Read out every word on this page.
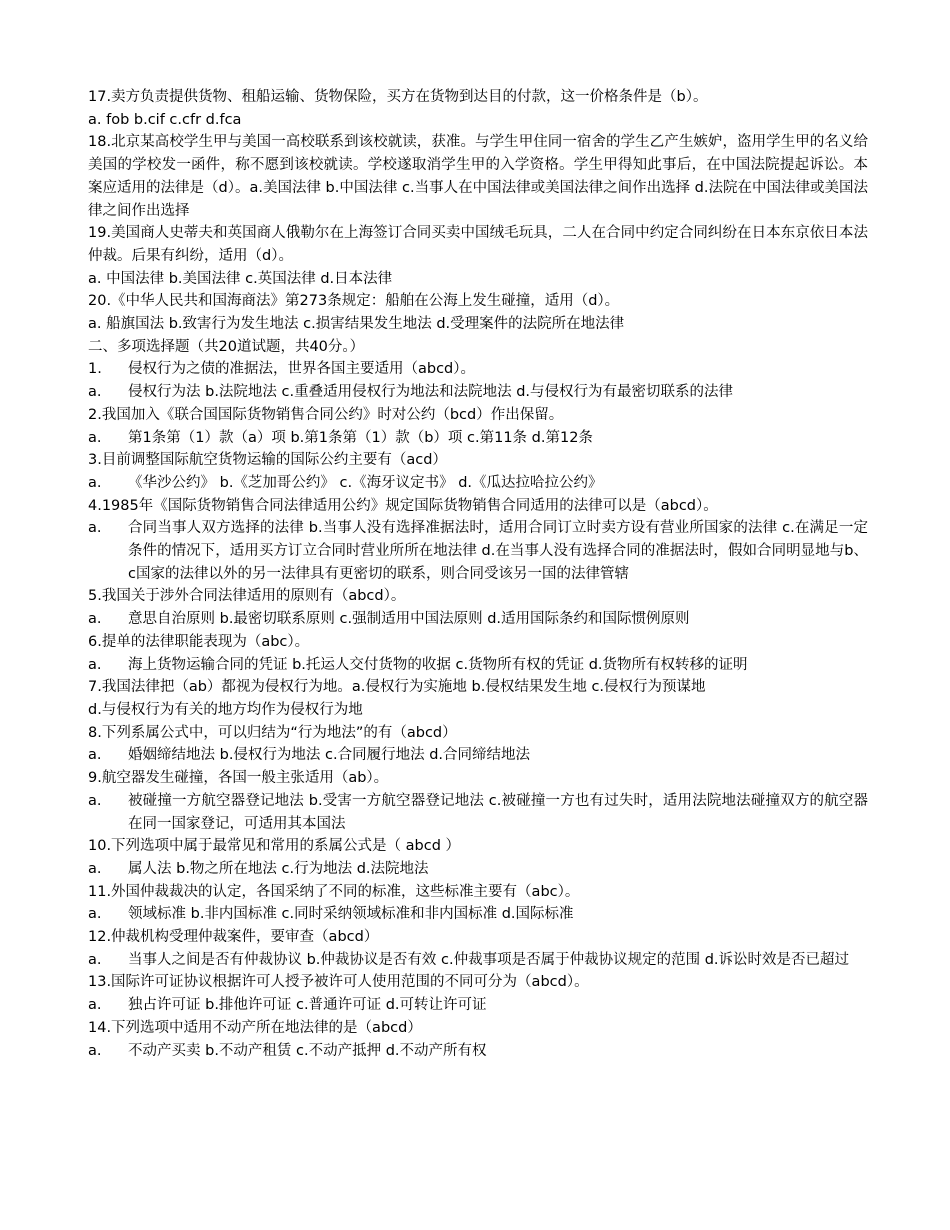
17.卖方负责提供货物、租船运输、货物保险，买方在货物到达目的付款，这一价格条件是（b）。
a. fob b.cif c.cfr d.fca
18.北京某高校学生甲与美国一高校联系到该校就读，获准。与学生甲住同一宿舍的学生乙产生嫉妒，盗用学生甲的名义给美国的学校发一函件，称不愿到该校就读。学校遂取消学生甲的入学资格。学生甲得知此事后，在中国法院提起诉讼。本案应适用的法律是（d）。a.美国法律 b.中国法律 c.当事人在中国法律或美国法律之间作出选择 d.法院在中国法律或美国法律之间作出选择
19.美国商人史蒂夫和英国商人俄勒尔在上海签订合同买卖中国绒毛玩具，二人在合同中约定合同纠纷在日本东京依日本法仲裁。后果有纠纷，适用（d）。
a. 中国法律 b.美国法律 c.英国法律 d.日本法律
20.《中华人民共和国海商法》第273条规定：船舶在公海上发生碰撞，适用（d）。
a. 船旗国法 b.致害行为发生地法 c.损害结果发生地法 d.受理案件的法院所在地法律
二、多项选择题（共20道试题，共40分。）
1.	侵权行为之债的准据法，世界各国主要适用（abcd）。
a.	侵权行为法 b.法院地法 c.重叠适用侵权行为地法和法院地法 d.与侵权行为有最密切联系的法律
2.我国加入《联合国国际货物销售合同公约》时对公约（bcd）作出保留。
a.	第1条第（1）款（a）项 b.第1条第（1）款（b）项 c.第11条 d.第12条
3.目前调整国际航空货物运输的国际公约主要有（acd）
a.	《华沙公约》 b.《芝加哥公约》 c.《海牙议定书》 d.《瓜达拉哈拉公约》
4.1985年《国际货物销售合同法律适用公约》规定国际货物销售合同适用的法律可以是（abcd）。
a.	合同当事人双方选择的法律 b.当事人没有选择准据法时，适用合同订立时卖方设有营业所国家的法律 c.在满足一定条件的情况下，适用买方订立合同时营业所所在地法律 d.在当事人没有选择合同的准据法时，假如合同明显地与b、c国家的法律以外的另一法律具有更密切的联系，则合同受该另一国的法律管辖
5.我国关于涉外合同法律适用的原则有（abcd）。
a.	意思自治原则 b.最密切联系原则 c.强制适用中国法原则 d.适用国际条约和国际惯例原则
6.提单的法律职能表现为（abc）。
a.	海上货物运输合同的凭证 b.托运人交付货物的收据 c.货物所有权的凭证 d.货物所有权转移的证明
7.我国法律把（ab）都视为侵权行为地。a.侵权行为实施地 b.侵权结果发生地 c.侵权行为预谋地
d.与侵权行为有关的地方均作为侵权行为地
8.下列系属公式中，可以归结为“行为地法”的有（abcd）
a.	婚姻缔结地法 b.侵权行为地法 c.合同履行地法 d.合同缔结地法
9.航空器发生碰撞，各国一般主张适用（ab）。
a.	被碰撞一方航空器登记地法 b.受害一方航空器登记地法 c.被碰撞一方也有过失时，适用法院地法碰撞双方的航空器在同一国家登记，可适用其本国法
10.下列选项中属于最常见和常用的系属公式是（ abcd ）
a.	属人法 b.物之所在地法 c.行为地法 d.法院地法
11.外国仲裁裁决的认定，各国采纳了不同的标准，这些标准主要有（abc）。
a.	领域标准 b.非内国标准 c.同时采纳领域标准和非内国标准 d.国际标准
12.仲裁机构受理仲裁案件，要审查（abcd）
a.	当事人之间是否有仲裁协议 b.仲裁协议是否有效 c.仲裁事项是否属于仲裁协议规定的范围 d.诉讼时效是否已超过
13.国际许可证协议根据许可人授予被许可人使用范围的不同可分为（abcd）。
a.	独占许可证 b.排他许可证 c.普通许可证 d.可转让许可证
14.下列选项中适用不动产所在地法律的是（abcd）
a.	不动产买卖 b.不动产租赁 c.不动产抵押 d.不动产所有权
